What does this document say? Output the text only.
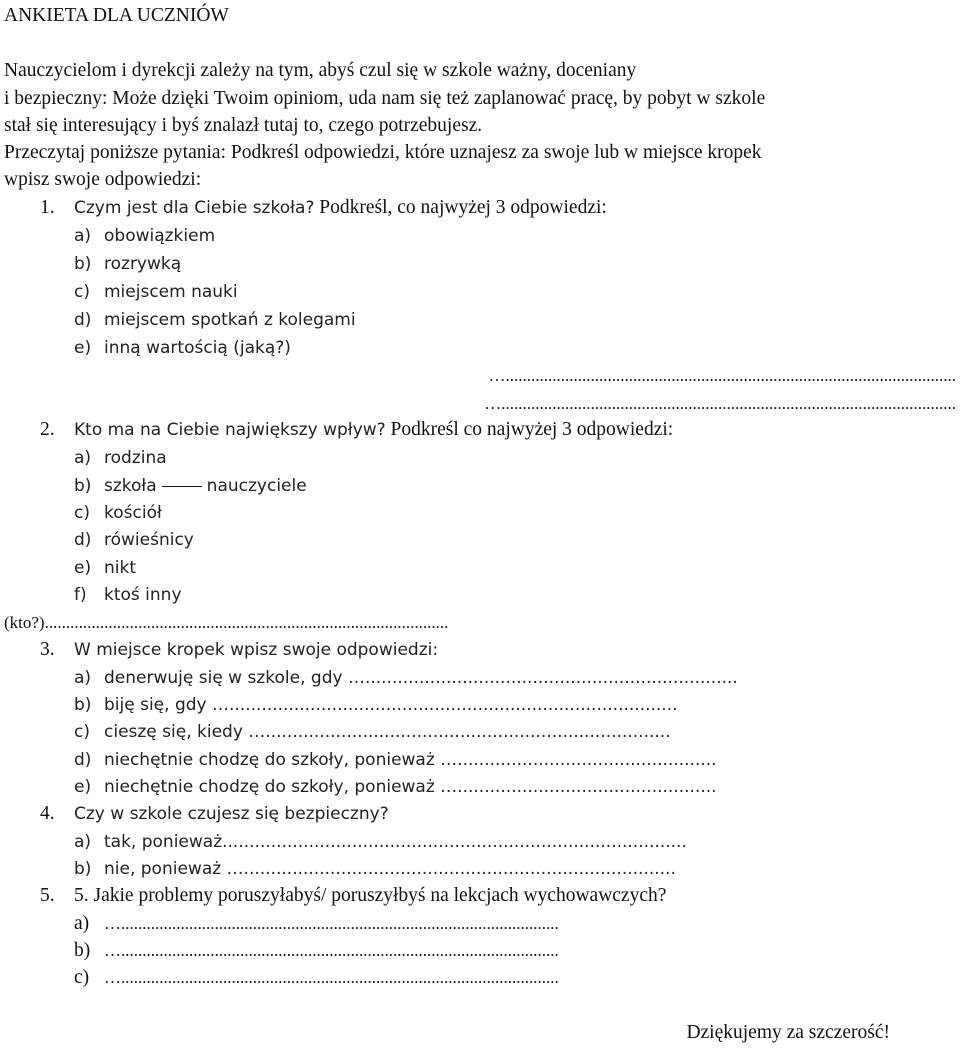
ANKIETA DLA UCZNIÓW
Nauczycielom i dyrekcji zależy na tym, abyś czul się w szkole ważny, doceniany
i bezpieczny: Może dzięki Twoim opiniom, uda nam się też zaplanować pracę, by pobyt w szkole
stał się interesujący i byś znalazł tutaj to, czego potrzebujesz.
Przeczytaj poniższe pytania: Podkreśl odpowiedzi, które uznajesz za swoje lub w miejsce kropek
wpisz swoje odpowiedzi:
1. Czym jest dla Ciebie szkoła? Podkreśl, co najwyżej 3 odpowiedzi:
a) obowiązkiem
b) rozrywką
c) miejscem nauki
d) miejscem spotkań z kolegami
e) inną wartością (jaką?)
…..........................................................................................................
…...........................................................................................................
2. Kto ma na Ciebie największy wpływ? Podkreśl co najwyżej 3 odpowiedzi:
a) rodzina
b) szkoła	nauczyciele
c) kościół
d) rówieśnicy
e) nikt
f) ktoś inny
(kto?)...............................................................................................
3. W miejsce kropek wpisz swoje odpowiedzi:
a) denerwuję się w szkole, gdy ….....................................................................
b) biję się, gdy …...................................................................................
c) cieszę się, kiedy …...........................................................................
d) niechętnie chodzę do szkoły, ponieważ …................................................
e) niechętnie chodzę do szkoły, ponieważ …................................................
4. Czy w szkole czujesz się bezpieczny?
a) tak, ponieważ......................................................................................
b) nie, ponieważ …................................................................................
5. 5. Jakie problemy poruszyłabyś/ poruszyłbyś na lekcjach wychowawczych?
a) ….......................................................................................................
b) ….......................................................................................................
c) ….......................................................................................................
Dziękujemy za szczerość!
